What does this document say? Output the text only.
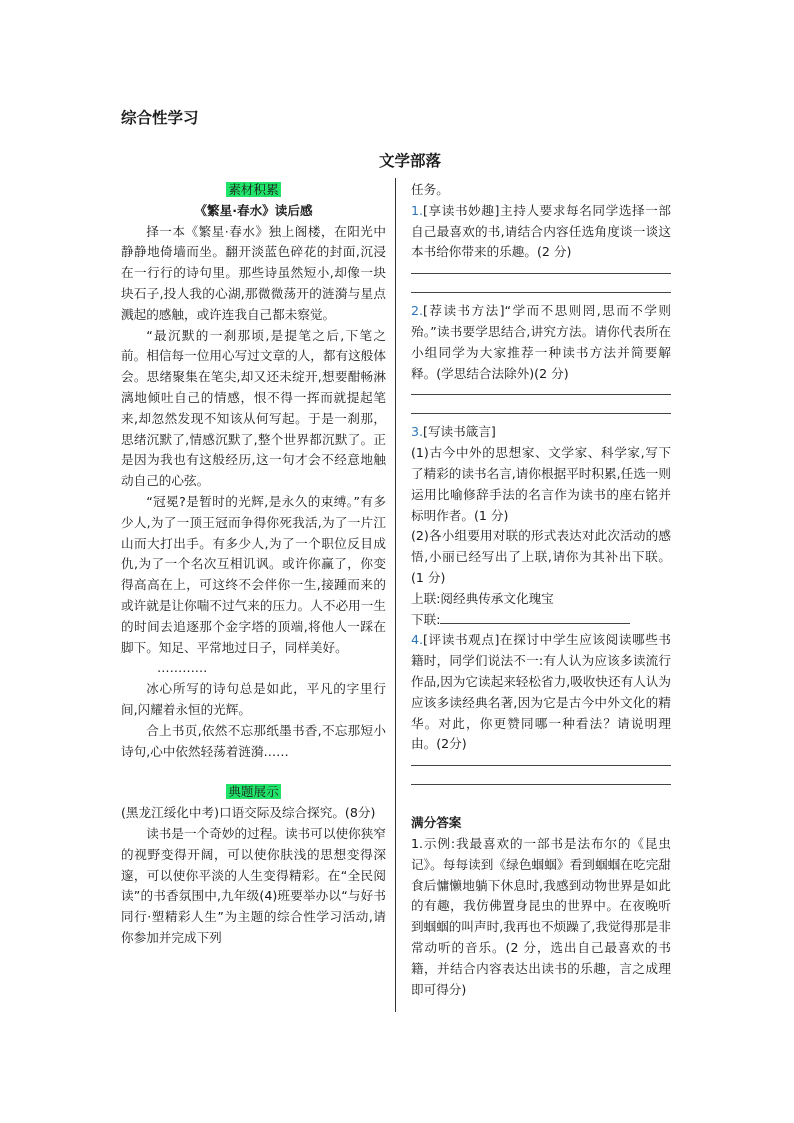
综合性学习
文学部落
素材积累

《繁星·春水》读后感

择一本《繁星·春水》独上阁楼，在阳光中静静地倚墙而坐。翻开淡蓝色碎花的封面,沉浸在一行行的诗句里。那些诗虽然短小,却像一块块石子,投人我的心湖,那微微荡开的涟漪与星点溅起的感触，或许连我自己都未察觉。

“最沉默的一刹那顷,是提笔之后,下笔之前。相信每一位用心写过文章的人，都有这般体会。思绪聚集在笔尖,却又还未绽开,想要酣畅淋漓地倾吐自己的情感，恨不得一挥而就提起笔来,却忽然发现不知该从何写起。于是一刹那，思绪沉默了,情感沉默了,整个世界都沉默了。正是因为我也有这般经历,这一句才会不经意地触动自己的心弦。

“冠冕?是暂时的光辉,是永久的束缚。”有多少人,为了一顶王冠而争得你死我活,为了一片江山而大打出手。有多少人,为了一个职位反目成仇,为了一个名次互相讥讽。或许你赢了，你变得高高在上，可这终不会伴你一生,接踵而来的或许就是让你喘不过气来的压力。人不必用一生的时间去追逐那个金字塔的顶端,将他人一踩在脚下。知足、平常地过日子，同样美好。

…………

冰心所写的诗句总是如此，平凡的字里行间,闪耀着永恒的光辉。

合上书页,依然不忘那纸墨书香,不忘那短小诗句,心中依然轻荡着涟漪……

典题展示

(黑龙江绥化中考)口语交际及综合探究。(8分)

读书是一个奇妙的过程。读书可以使你狭窄的视野变得开阔，可以使你肤浅的思想变得深邃，可以使你平淡的人生变得精彩。在“全民阅读”的书香氛围中,九年级(4)班要举办以“与好书同行·塑精彩人生”为主题的综合性学习活动,请你参加并完成下列

任务。

1.[享读书妙趣]主持人要求每名同学选择一部自己最喜欢的书,请结合内容任选角度谈一谈这本书给你带来的乐趣。(2 分)

2.[荐读书方法]“学而不思则罔,思而不学则殆。”读书要学思结合,讲究方法。请你代表所在小组同学为大家推荐一种读书方法并简要解释。(学思结合法除外)(2 分)

3.[写读书箴言]

(1)古今中外的思想家、文学家、科学家,写下了精彩的读书名言,请你根据平时积累,任选一则运用比喻修辞手法的名言作为读书的座右铭并标明作者。(1 分)

(2)各小组要用对联的形式表达对此次活动的感悟,小丽已经写出了上联,请你为其补出下联。(1 分)

上联:阅经典传承文化瑰宝

下联:

4.[评读书观点]在探讨中学生应该阅读哪些书籍时，同学们说法不一:有人认为应该多读流行作品,因为它读起来轻松省力,吸收快还有人认为应该多读经典名著,因为它是古今中外文化的精华。对此，你更赞同哪一种看法？请说明理由。(2分)

满分答案

1.示例:我最喜欢的一部书是法布尔的《昆虫记》。每每读到《绿色蝈蝈》看到蝈蝈在吃完甜食后慵懒地躺下休息时,我感到动物世界是如此的有趣，我仿佛置身昆虫的世界中。在夜晚听到蝈蝈的叫声时,我再也不烦躁了,我觉得那是非常动听的音乐。(2 分，选出自己最喜欢的书籍，并结合内容表达出读书的乐趣，言之成理即可得分)
